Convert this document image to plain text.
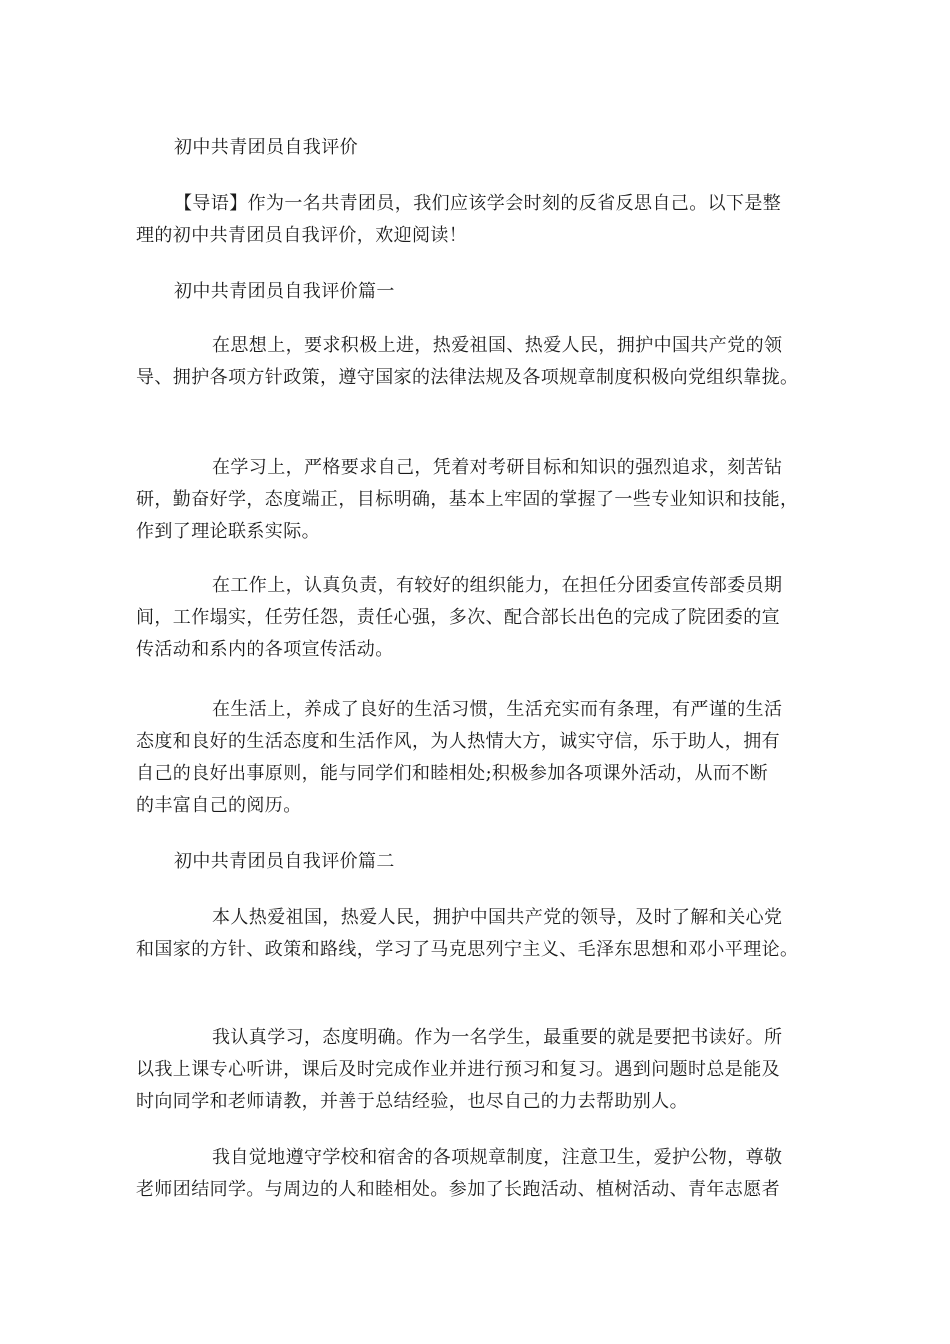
初中共青团员自我评价
【导语】作为一名共青团员，我们应该学会时刻的反省反思自己。以下是整
理的初中共青团员自我评价，欢迎阅读！
初中共青团员自我评价篇一
在思想上，要求积极上进，热爱祖国、热爱人民，拥护中国共产党的领
导、拥护各项方针政策，遵守国家的法律法规及各项规章制度积极向党组织靠拢。
在学习上，严格要求自己，凭着对考研目标和知识的强烈追求，刻苦钻
研，勤奋好学，态度端正，目标明确，基本上牢固的掌握了一些专业知识和技能，
作到了理论联系实际。
在工作上，认真负责，有较好的组织能力，在担任分团委宣传部委员期
间，工作塌实，任劳任怨，责任心强，多次、配合部长出色的完成了院团委的宣
传活动和系内的各项宣传活动。
在生活上，养成了良好的生活习惯，生活充实而有条理，有严谨的生活
态度和良好的生活态度和生活作风，为人热情大方，诚实守信，乐于助人，拥有
自己的良好出事原则，能与同学们和睦相处;积极参加各项课外活动，从而不断
的丰富自己的阅历。
初中共青团员自我评价篇二
本人热爱祖国，热爱人民，拥护中国共产党的领导，及时了解和关心党
和国家的方针、政策和路线，学习了马克思列宁主义、毛泽东思想和邓小平理论。
我认真学习，态度明确。作为一名学生，最重要的就是要把书读好。所
以我上课专心听讲，课后及时完成作业并进行预习和复习。遇到问题时总是能及
时向同学和老师请教，并善于总结经验，也尽自己的力去帮助别人。
我自觉地遵守学校和宿舍的各项规章制度，注意卫生，爱护公物，尊敬
老师团结同学。与周边的人和睦相处。参加了长跑活动、植树活动、青年志愿者
